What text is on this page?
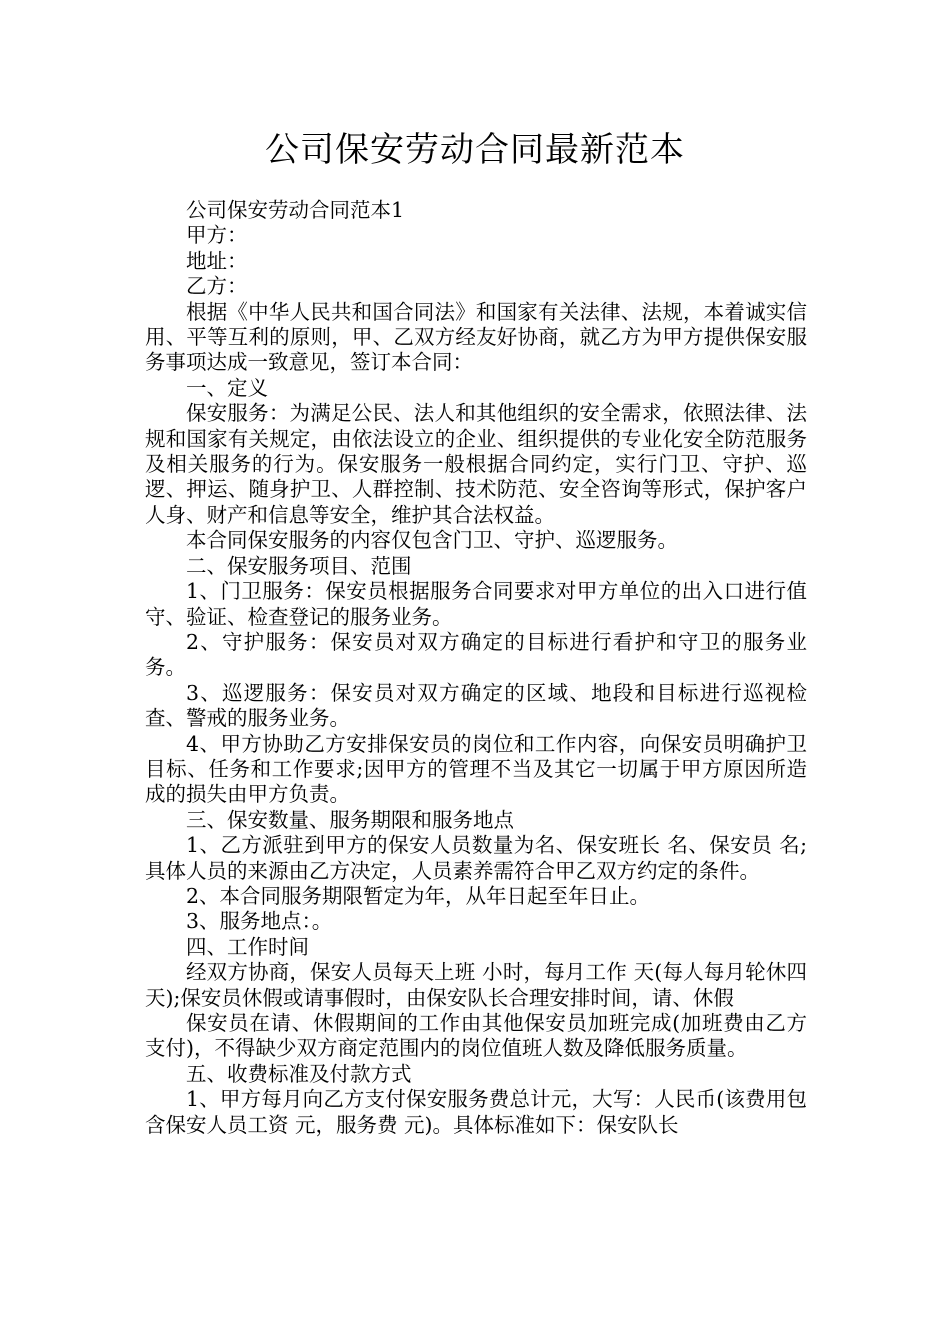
公司保安劳动合同最新范本

公司保安劳动合同范本1

甲方：

地址：

乙方：

根据《中华人民共和国合同法》和国家有关法律、法规，本着诚实信用、平等互利的原则，甲、乙双方经友好协商，就乙方为甲方提供保安服务事项达成一致意见，签订本合同：

一、定义

保安服务：为满足公民、法人和其他组织的安全需求，依照法律、法规和国家有关规定，由依法设立的企业、组织提供的专业化安全防范服务及相关服务的行为。保安服务一般根据合同约定，实行门卫、守护、巡逻、押运、随身护卫、人群控制、技术防范、安全咨询等形式，保护客户人身、财产和信息等安全，维护其合法权益。

本合同保安服务的内容仅包含门卫、守护、巡逻服务。

二、保安服务项目、范围

1、门卫服务：保安员根据服务合同要求对甲方单位的出入口进行值守、验证、检查登记的服务业务。

2、守护服务：保安员对双方确定的目标进行看护和守卫的服务业务。

3、巡逻服务：保安员对双方确定的区域、地段和目标进行巡视检查、警戒的服务业务。

4、甲方协助乙方安排保安员的岗位和工作内容，向保安员明确护卫目标、任务和工作要求;因甲方的管理不当及其它一切属于甲方原因所造成的损失由甲方负责。

三、保安数量、服务期限和服务地点

1、乙方派驻到甲方的保安人员数量为名、保安班长 名、保安员 名;具体人员的来源由乙方决定，人员素养需符合甲乙双方约定的条件。

2、本合同服务期限暂定为年，从年日起至年日止。

3、服务地点：。

四、工作时间

经双方协商，保安人员每天上班 小时，每月工作 天(每人每月轮休四天);保安员休假或请事假时，由保安队长合理安排时间，请、休假

保安员在请、休假期间的工作由其他保安员加班完成(加班费由乙方支付)，不得缺少双方商定范围内的岗位值班人数及降低服务质量。

五、收费标准及付款方式

1、甲方每月向乙方支付保安服务费总计元，大写：人民币(该费用包含保安人员工资 元，服务费 元)。具体标准如下：保安队长
